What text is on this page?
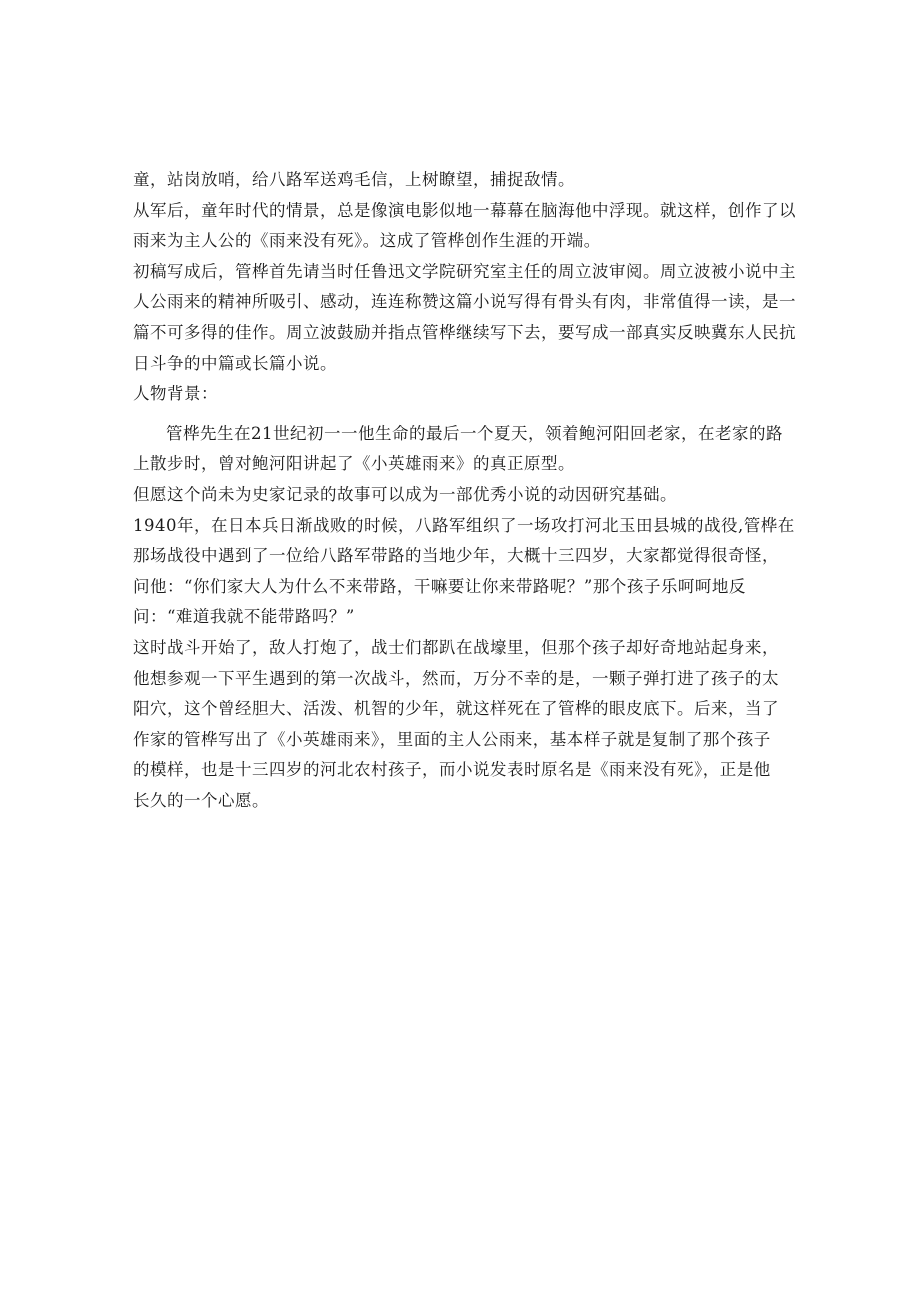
童，站岗放哨，给八路军送鸡毛信，上树瞭望，捕捉敌情。
从军后，童年时代的情景，总是像演电影似地一幕幕在脑海他中浮现。就这样，创作了以
雨来为主人公的《雨来没有死》。这成了管桦创作生涯的开端。
初稿写成后，管桦首先请当时任鲁迅文学院研究室主任的周立波审阅。周立波被小说中主
人公雨来的精神所吸引、感动，连连称赞这篇小说写得有骨头有肉，非常值得一读，是一
篇不可多得的佳作。周立波鼓励并指点管桦继续写下去，要写成一部真实反映冀东人民抗
日斗争的中篇或长篇小说。
人物背景：
管桦先生在21世纪初一一他生命的最后一个夏天，领着鲍河阳回老家，在老家的路
上散步时，曾对鲍河阳讲起了《小英雄雨来》的真正原型。
但愿这个尚未为史家记录的故事可以成为一部优秀小说的动因研究基础。
1940年，在日本兵日渐战败的时候，八路军组织了一场攻打河北玉田县城的战役,管桦在
那场战役中遇到了一位给八路军带路的当地少年，大概十三四岁，大家都觉得很奇怪，
问他：“你们家大人为什么不来带路，干嘛要让你来带路呢？”那个孩子乐呵呵地反
问：“难道我就不能带路吗？”
这时战斗开始了，敌人打炮了，战士们都趴在战壕里，但那个孩子却好奇地站起身来，
他想参观一下平生遇到的第一次战斗，然而，万分不幸的是，一颗子弹打进了孩子的太
阳穴，这个曾经胆大、活泼、机智的少年，就这样死在了管桦的眼皮底下。后来，当了
作家的管桦写出了《小英雄雨来》，里面的主人公雨来，基本样子就是复制了那个孩子
的模样，也是十三四岁的河北农村孩子，而小说发表时原名是《雨来没有死》，正是他
长久的一个心愿。
